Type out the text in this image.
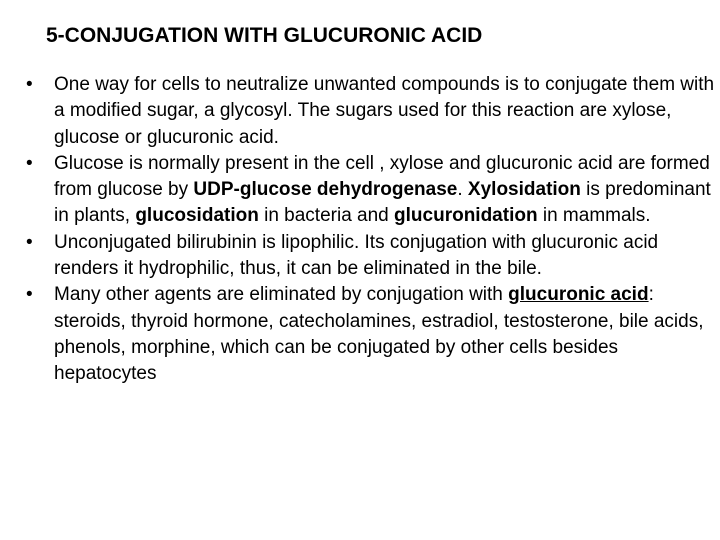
5-CONJUGATION WITH GLUCURONIC ACID
•	One way for cells to neutralize unwanted compounds is to conjugate them with a modified sugar, a glycosyl. The sugars used for this reaction are xylose, glucose or glucuronic acid.
•	Glucose is normally present in the cell , xylose and glucuronic acid are formed from glucose by UDP-glucose dehydrogenase. Xylosidation is predominant in plants, glucosidation in bacteria and glucuronidation in mammals.
•	Unconjugated bilirubinin is lipophilic. Its conjugation with glucuronic acid renders it hydrophilic, thus, it can be eliminated in the bile.
•	Many other agents are eliminated by conjugation with glucuronic acid: steroids, thyroid hormone, catecholamines, estradiol, testosterone, bile acids, phenols, morphine, which can be conjugated by other cells besides hepatocytes
